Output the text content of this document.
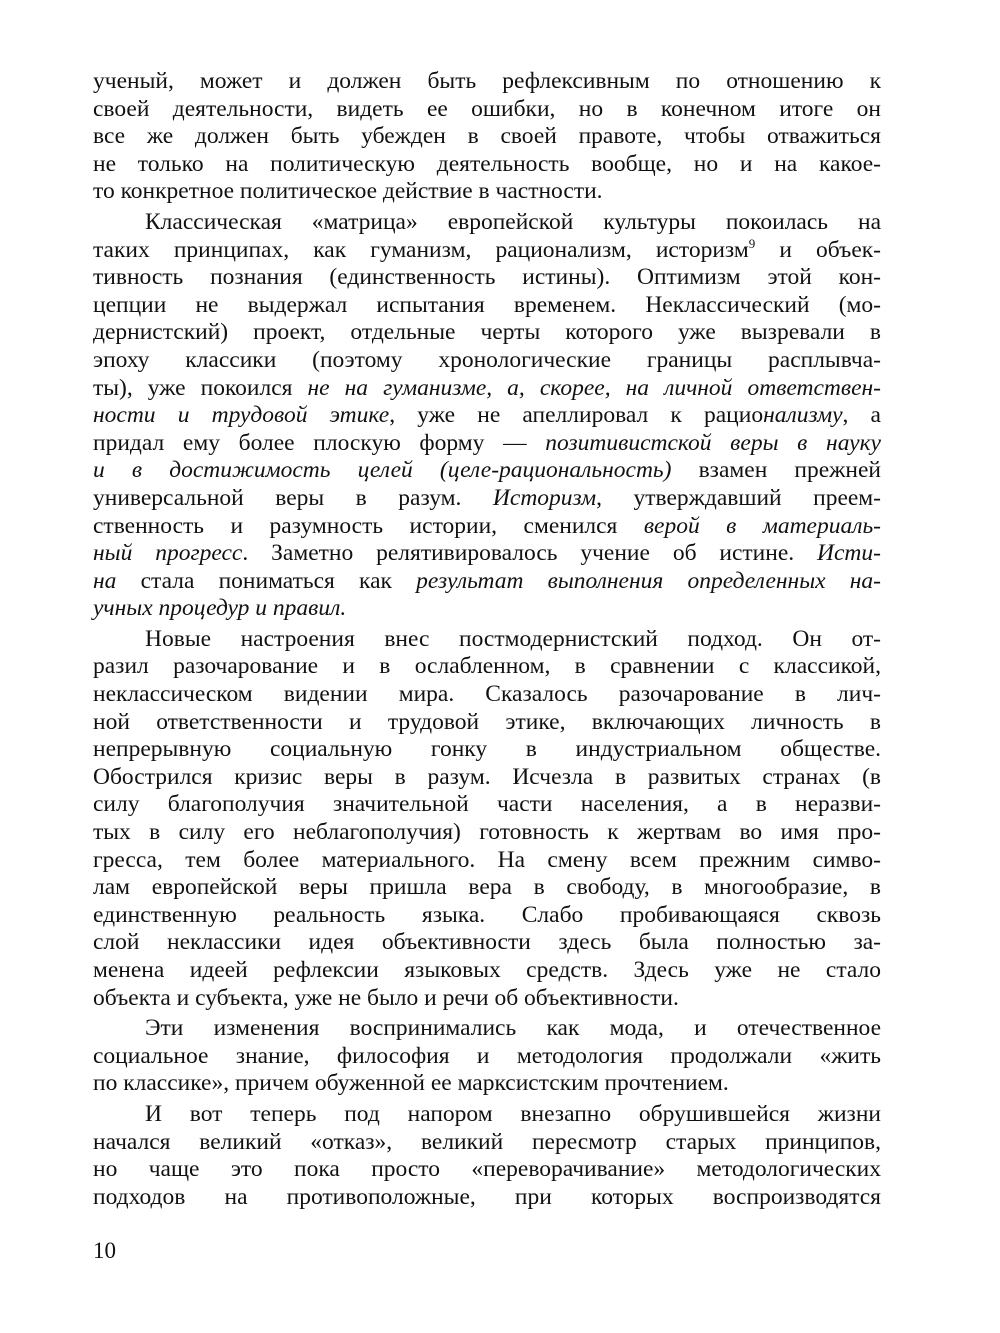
ученый, может и должен быть рефлексивным по отношению к
своей деятельности, видеть ее ошибки, но в конечном итоге он
все же должен быть убежден в своей правоте, чтобы отважиться
не только на политическую деятельность вообще, но и на какое-
то конкретное политическое действие в частности.
Классическая «матрица» европейской культуры покоилась на
таких принципах, как гуманизм, рационализм, историзм$^9$ и объек-
тивность познания (единственность истины). Оптимизм этой кон-
цепции не выдержал испытания временем. Неклассический (мо-
дернистский) проект, отдельные черты которого уже вызревали в
эпоху классики (поэтому хронологические границы расплывча-
ты), уже покоился не на гуманизме, а, скорее, на личной ответствен-
ности и трудовой этике, уже не апеллировал к рационализму, а
придал ему более плоскую форму — позитивистской веры в науку
и в достижимость целей (целе-рациональность) взамен прежней
универсальной веры в разум. Историзм, утверждавший преем-
ственность и разумность истории, сменился верой в материаль-
ный прогресс. Заметно релятивировалось учение об истине. Исти-
на стала пониматься как результат выполнения определенных на-
учных процедур и правил.
Новые настроения внес постмодернистский подход. Он от-
разил разочарование и в ослабленном, в сравнении с классикой,
неклассическом видении мира. Сказалось разочарование в лич-
ной ответственности и трудовой этике, включающих личность в
непрерывную социальную гонку в индустриальном обществе.
Обострился кризис веры в разум. Исчезла в развитых странах (в
силу благополучия значительной части населения, а в неразви-
тых в силу его неблагополучия) готовность к жертвам во имя про-
гресса, тем более материального. На смену всем прежним симво-
лам европейской веры пришла вера в свободу, в многообразие, в
единственную реальность языка. Слабо пробивающаяся сквозь
слой неклассики идея объективности здесь была полностью за-
менена идеей рефлексии языковых средств. Здесь уже не стало
объекта и субъекта, уже не было и речи об объективности.
Эти изменения воспринимались как мода, и отечественное
социальное знание, философия и методология продолжали «жить
по классике», причем обуженной ее марксистским прочтением.
И вот теперь под напором внезапно обрушившейся жизни
начался великий «отказ», великий пересмотр старых принципов,
но чаще это пока просто «переворачивание» методологических
подходов на противоположные, при которых воспроизводятся
10
